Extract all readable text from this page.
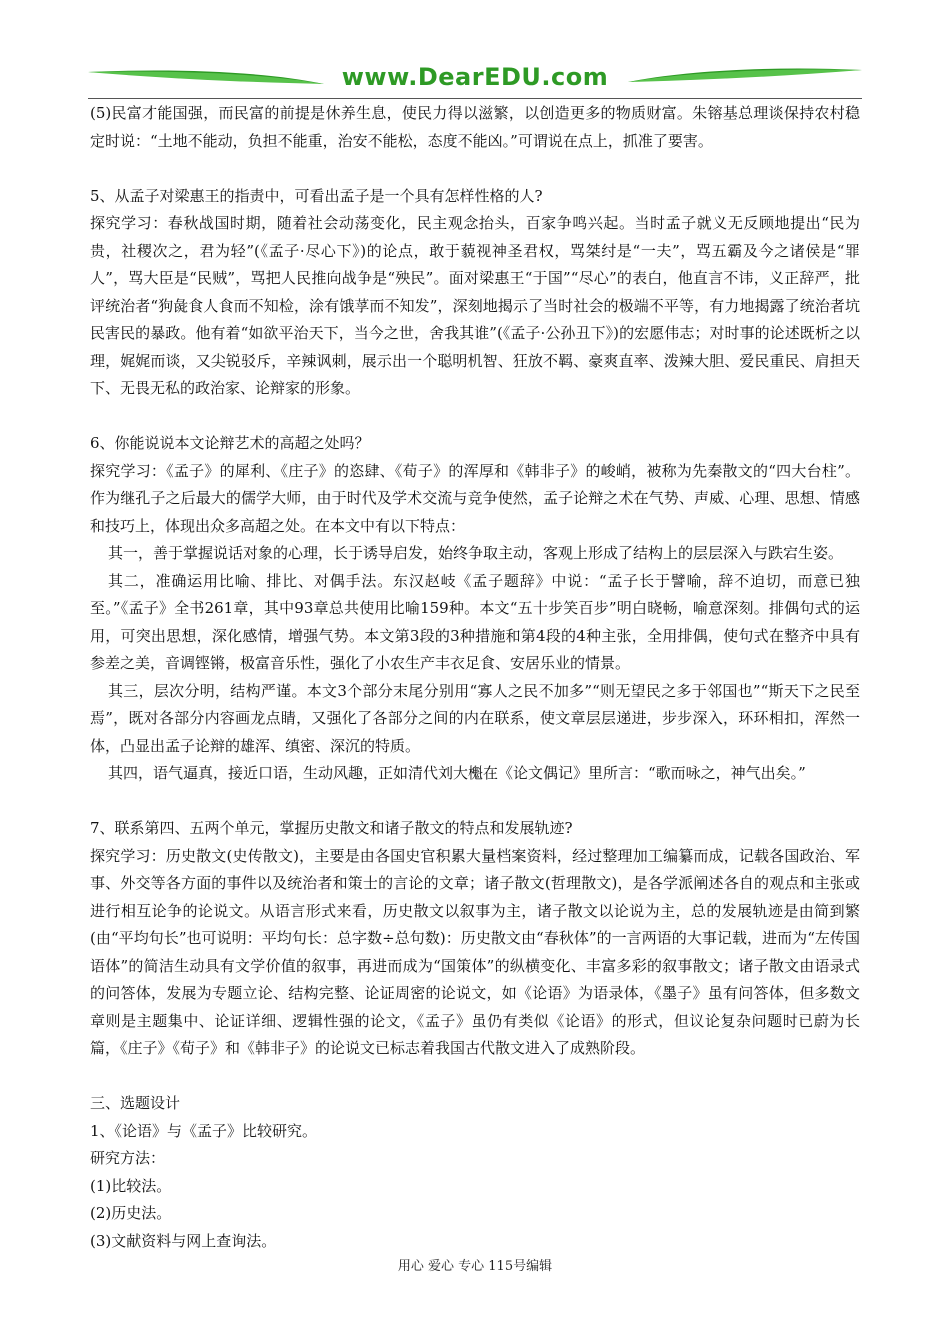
www.DearEDU.com

(5)民富才能国强，而民富的前提是休养生息，使民力得以滋繁，以创造更多的物质财富。朱镕基总理谈保持农村稳定时说：“土地不能动，负担不能重，治安不能松，态度不能凶。”可谓说在点上，抓准了要害。

5、从孟子对梁惠王的指责中，可看出孟子是一个具有怎样性格的人?

探究学习：春秋战国时期，随着社会动荡变化，民主观念抬头，百家争鸣兴起。当时孟子就义无反顾地提出“民为贵，社稷次之，君为轻”(《孟子·尽心下》)的论点，敢于藐视神圣君权，骂桀纣是“一夫”，骂五霸及今之诸侯是“罪人”，骂大臣是“民贼”，骂把人民推向战争是“殃民”。面对梁惠王“于国”“尽心”的表白，他直言不讳，义正辞严，批评统治者“狗彘食人食而不知检，涂有饿莩而不知发”，深刻地揭示了当时社会的极端不平等，有力地揭露了统治者坑民害民的暴政。他有着“如欲平治天下，当今之世，舍我其谁”(《孟子·公孙丑下》)的宏愿伟志；对时事的论述既析之以理，娓娓而谈，又尖锐驳斥，辛辣讽刺，展示出一个聪明机智、狂放不羁、豪爽直率、泼辣大胆、爱民重民、肩担天下、无畏无私的政治家、论辩家的形象。

6、你能说说本文论辩艺术的高超之处吗？

探究学习：《孟子》的犀利、《庄子》的恣肆、《荀子》的浑厚和《韩非子》的峻峭，被称为先秦散文的“四大台柱”。作为继孔子之后最大的儒学大师，由于时代及学术交流与竞争使然，孟子论辩之术在气势、声威、心理、思想、情感和技巧上，体现出众多高超之处。在本文中有以下特点：

其一，善于掌握说话对象的心理，长于诱导启发，始终争取主动，客观上形成了结构上的层层深入与跌宕生姿。

其二，准确运用比喻、排比、对偶手法。东汉赵岐《孟子题辞》中说：“孟子长于譬喻，辞不迫切，而意已独至。”《孟子》全书261章，其中93章总共使用比喻159种。本文“五十步笑百步”明白晓畅，喻意深刻。排偶句式的运用，可突出思想，深化感情，增强气势。本文第3段的3种措施和第4段的4种主张，全用排偶，使句式在整齐中具有参差之美，音调铿锵，极富音乐性，强化了小农生产丰衣足食、安居乐业的情景。

其三，层次分明，结构严谨。本文3个部分末尾分别用“寡人之民不加多”“则无望民之多于邻国也”“斯天下之民至焉”，既对各部分内容画龙点睛，又强化了各部分之间的内在联系，使文章层层递进，步步深入，环环相扣，浑然一体，凸显出孟子论辩的雄浑、缜密、深沉的特质。

其四，语气逼真，接近口语，生动风趣，正如清代刘大櫆在《论文偶记》里所言：“歌而咏之，神气出矣。”

7、联系第四、五两个单元，掌握历史散文和诸子散文的特点和发展轨迹?

探究学习：历史散文(史传散文)，主要是由各国史官积累大量档案资料，经过整理加工编纂而成，记载各国政治、军事、外交等各方面的事件以及统治者和策士的言论的文章；诸子散文(哲理散文)，是各学派阐述各自的观点和主张或进行相互论争的论说文。从语言形式来看，历史散文以叙事为主，诸子散文以论说为主，总的发展轨迹是由简到繁(由“平均句长”也可说明：平均句长：总字数÷总句数)：历史散文由“春秋体”的一言两语的大事记载，进而为“左传国语体”的简洁生动具有文学价值的叙事，再进而成为“国策体”的纵横变化、丰富多彩的叙事散文；诸子散文由语录式的问答体，发展为专题立论、结构完整、论证周密的论说文，如《论语》为语录体，《墨子》虽有问答体，但多数文章则是主题集中、论证详细、逻辑性强的论文，《孟子》虽仍有类似《论语》的形式，但议论复杂问题时已蔚为长篇，《庄子》《荀子》和《韩非子》的论说文已标志着我国古代散文进入了成熟阶段。

三、选题设计

1、《论语》与《孟子》比较研究。

研究方法：

(1)比较法。

(2)历史法。

(3)文献资料与网上查询法。

用心 爱心 专心 115号编辑
